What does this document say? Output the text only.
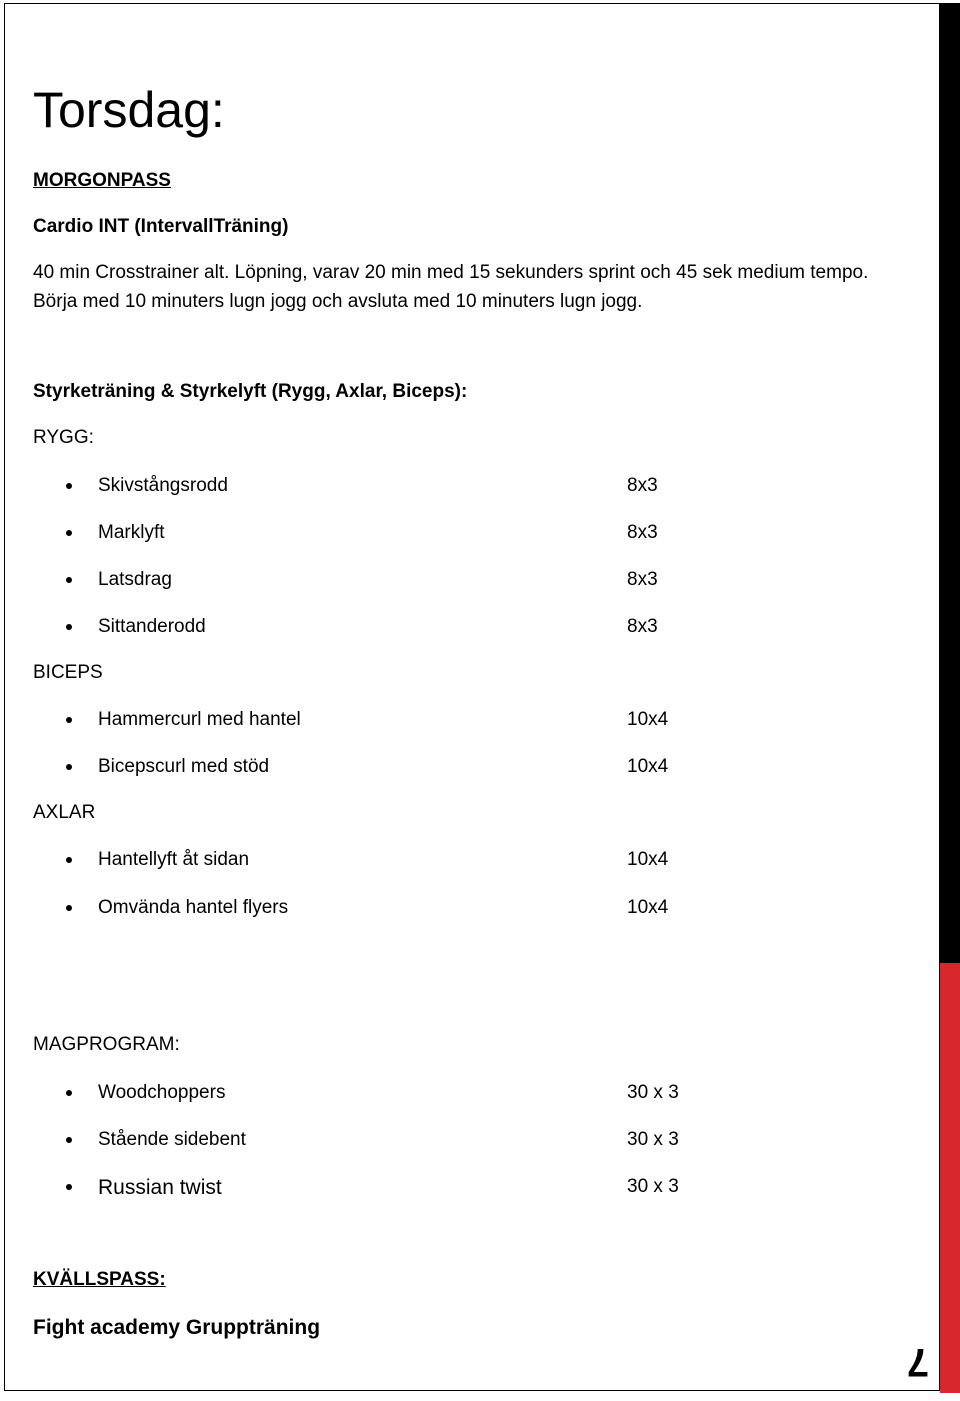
7
Torsdag:
MORGONPASS
Cardio INT (IntervallTräning)
40 min Crosstrainer alt. Löpning, varav 20 min med 15 sekunders sprint och 45 sek medium tempo.
Börja med 10 minuters lugn jogg och avsluta med 10 minuters lugn jogg.
Styrketräning & Styrkelyft (Rygg, Axlar, Biceps):
RYGG:
Skivstångsrodd	8x3
Marklyft	8x3
Latsdrag	8x3
Sittanderodd	8x3
BICEPS
Hammercurl med hantel	10x4
Bicepscurl med stöd	10x4
AXLAR
Hantellyft åt sidan	10x4
Omvända hantel flyers	10x4
MAGPROGRAM:
Woodchoppers	30 x 3
Stående sidebent	30 x 3
Russian twist	30 x 3
KVÄLLSPASS:
Fight academy Gruppträning
